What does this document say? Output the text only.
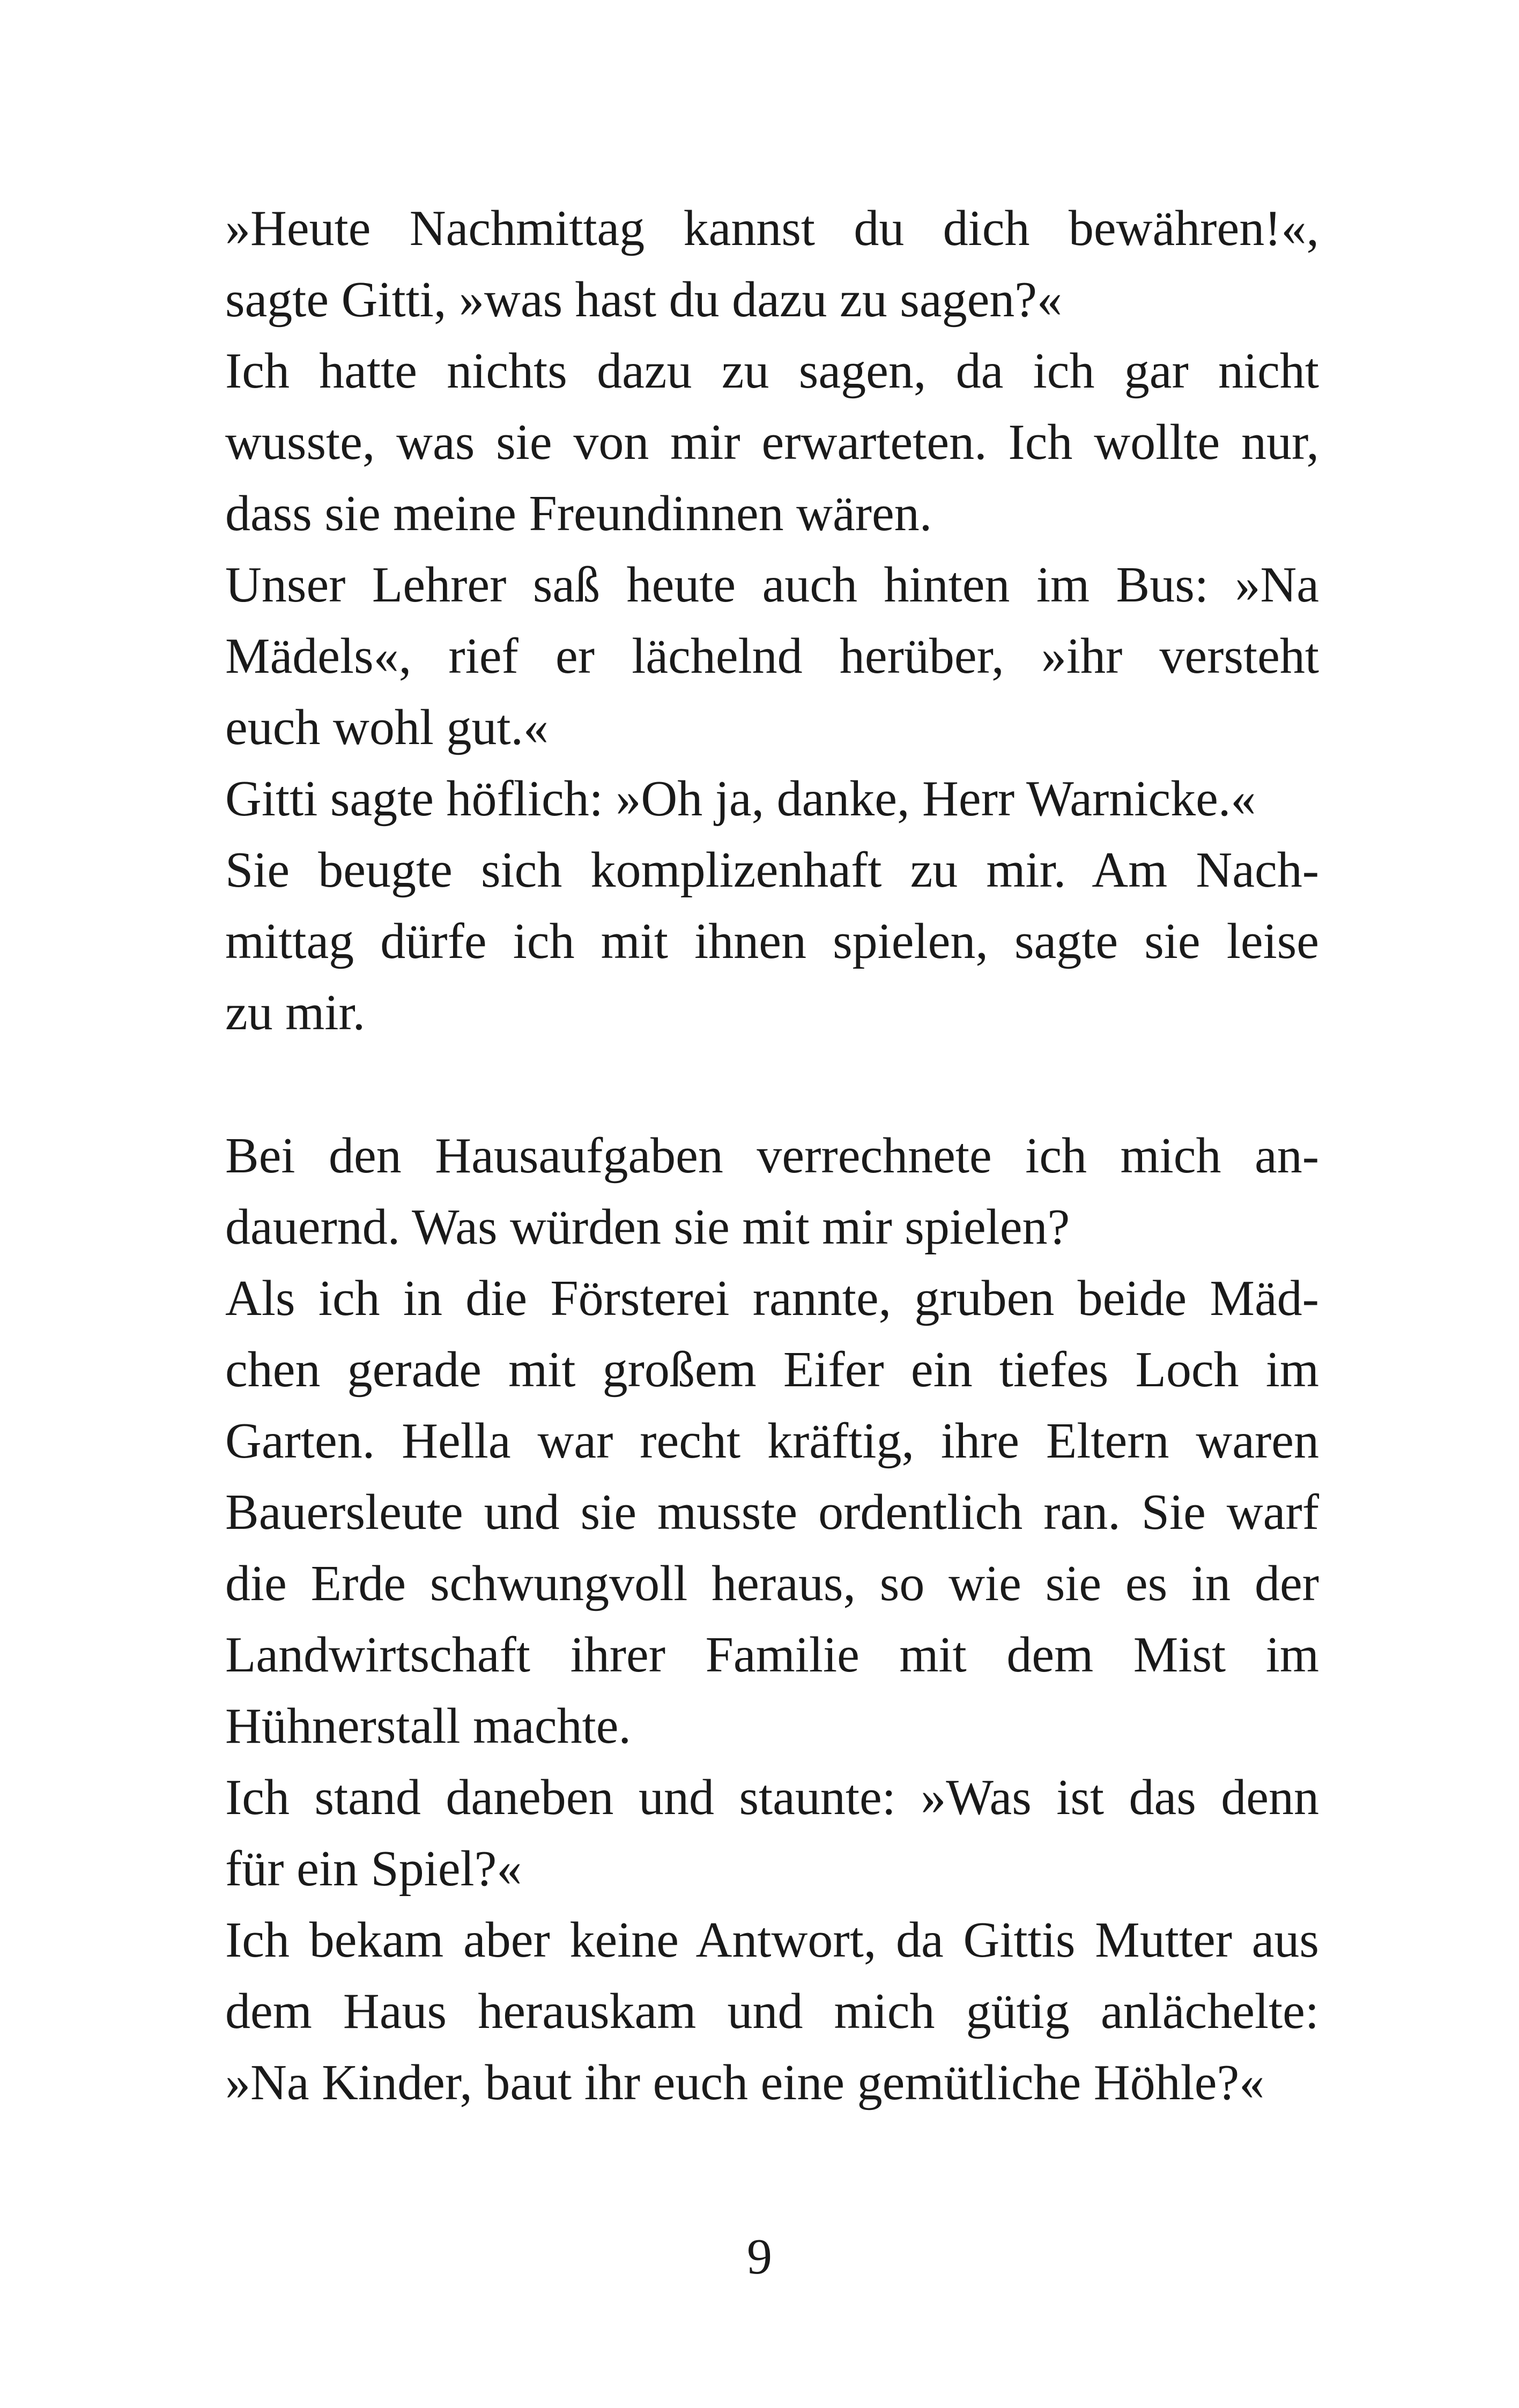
»Heute Nachmittag kannst du dich bewähren!«,
sagte Gitti, »was hast du dazu zu sagen?«
Ich hatte nichts dazu zu sagen, da ich gar nicht
wusste, was sie von mir erwarteten. Ich wollte nur,
dass sie meine Freundinnen wären.
Unser Lehrer saß heute auch hinten im Bus: »Na
Mädels«, rief er lächelnd herüber, »ihr versteht
euch wohl gut.«
Gitti sagte höflich: »Oh ja, danke, Herr Warnicke.«
Sie beugte sich komplizenhaft zu mir. Am Nach-
mittag dürfe ich mit ihnen spielen, sagte sie leise
zu mir.
Bei den Hausaufgaben verrechnete ich mich an-
dauernd. Was würden sie mit mir spielen?
Als ich in die Försterei rannte, gruben beide Mäd-
chen gerade mit großem Eifer ein tiefes Loch im
Garten. Hella war recht kräftig, ihre Eltern waren
Bauersleute und sie musste ordentlich ran. Sie warf
die Erde schwungvoll heraus, so wie sie es in der
Landwirtschaft ihrer Familie mit dem Mist im
Hühnerstall machte.
Ich stand daneben und staunte: »Was ist das denn
für ein Spiel?«
Ich bekam aber keine Antwort, da Gittis Mutter aus
dem Haus herauskam und mich gütig anlächelte:
»Na Kinder, baut ihr euch eine gemütliche Höhle?«
9
